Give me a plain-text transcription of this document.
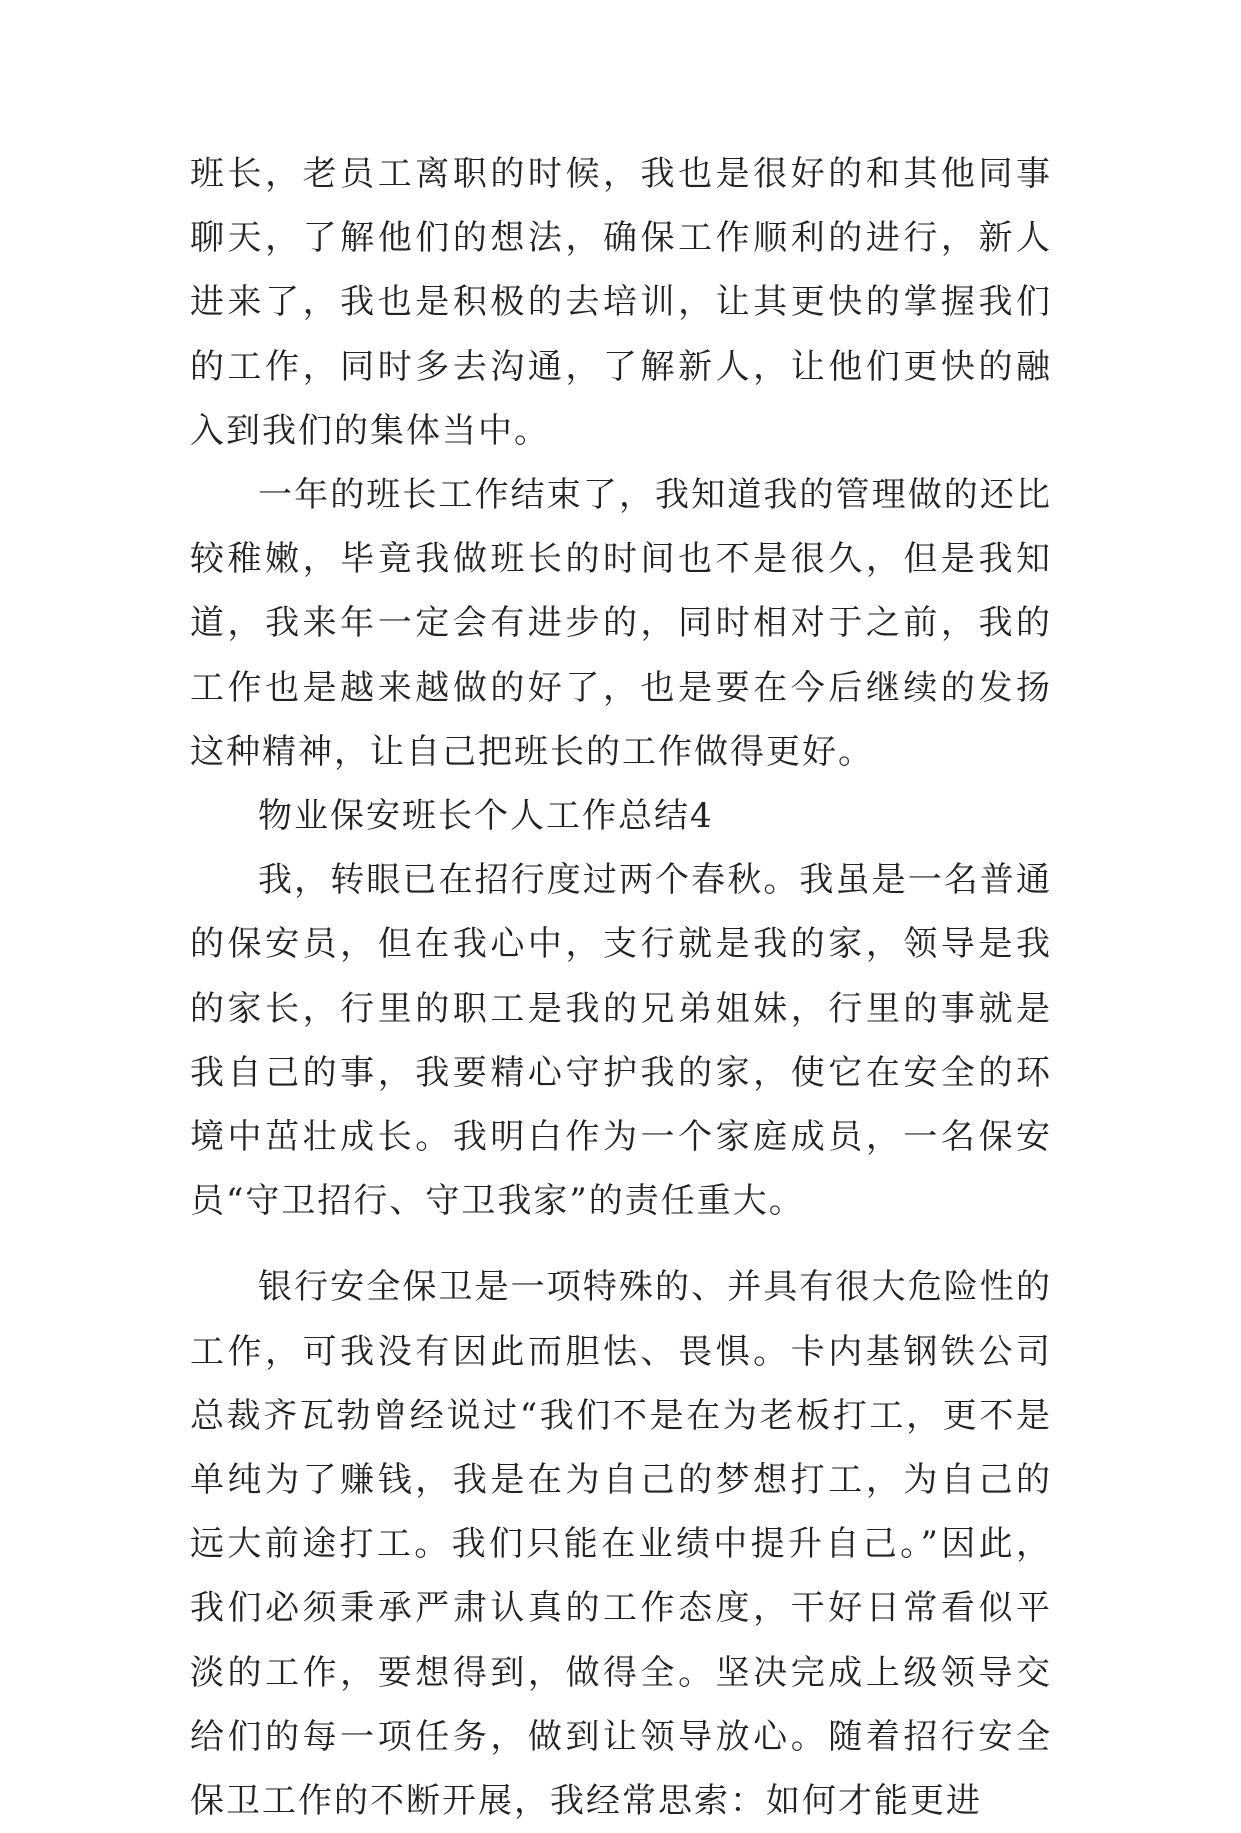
班长，老员工离职的时候，我也是很好的和其他同事聊天，了解他们的想法，确保工作顺利的进行，新人进来了，我也是积极的去培训，让其更快的掌握我们的工作，同时多去沟通，了解新人，让他们更快的融入到我们的集体当中。

一年的班长工作结束了，我知道我的管理做的还比较稚嫩，毕竟我做班长的时间也不是很久，但是我知道，我来年一定会有进步的，同时相对于之前，我的工作也是越来越做的好了，也是要在今后继续的发扬这种精神，让自己把班长的工作做得更好。

物业保安班长个人工作总结4

我，转眼已在招行度过两个春秋。我虽是一名普通的保安员，但在我心中，支行就是我的家，领导是我的家长，行里的职工是我的兄弟姐妹，行里的事就是我自己的事，我要精心守护我的家，使它在安全的环境中茁壮成长。我明白作为一个家庭成员，一名保安员“守卫招行、守卫我家”的责任重大。

银行安全保卫是一项特殊的、并具有很大危险性的工作，可我没有因此而胆怯、畏惧。卡内基钢铁公司总裁齐瓦勃曾经说过“我们不是在为老板打工，更不是单纯为了赚钱，我是在为自己的梦想打工，为自己的远大前途打工。我们只能在业绩中提升自己。”因此，我们必须秉承严肃认真的工作态度，干好日常看似平淡的工作，要想得到，做得全。坚决完成上级领导交给们的每一项任务，做到让领导放心。随着招行安全保卫工作的不断开展，我经常思索：如何才能更进
